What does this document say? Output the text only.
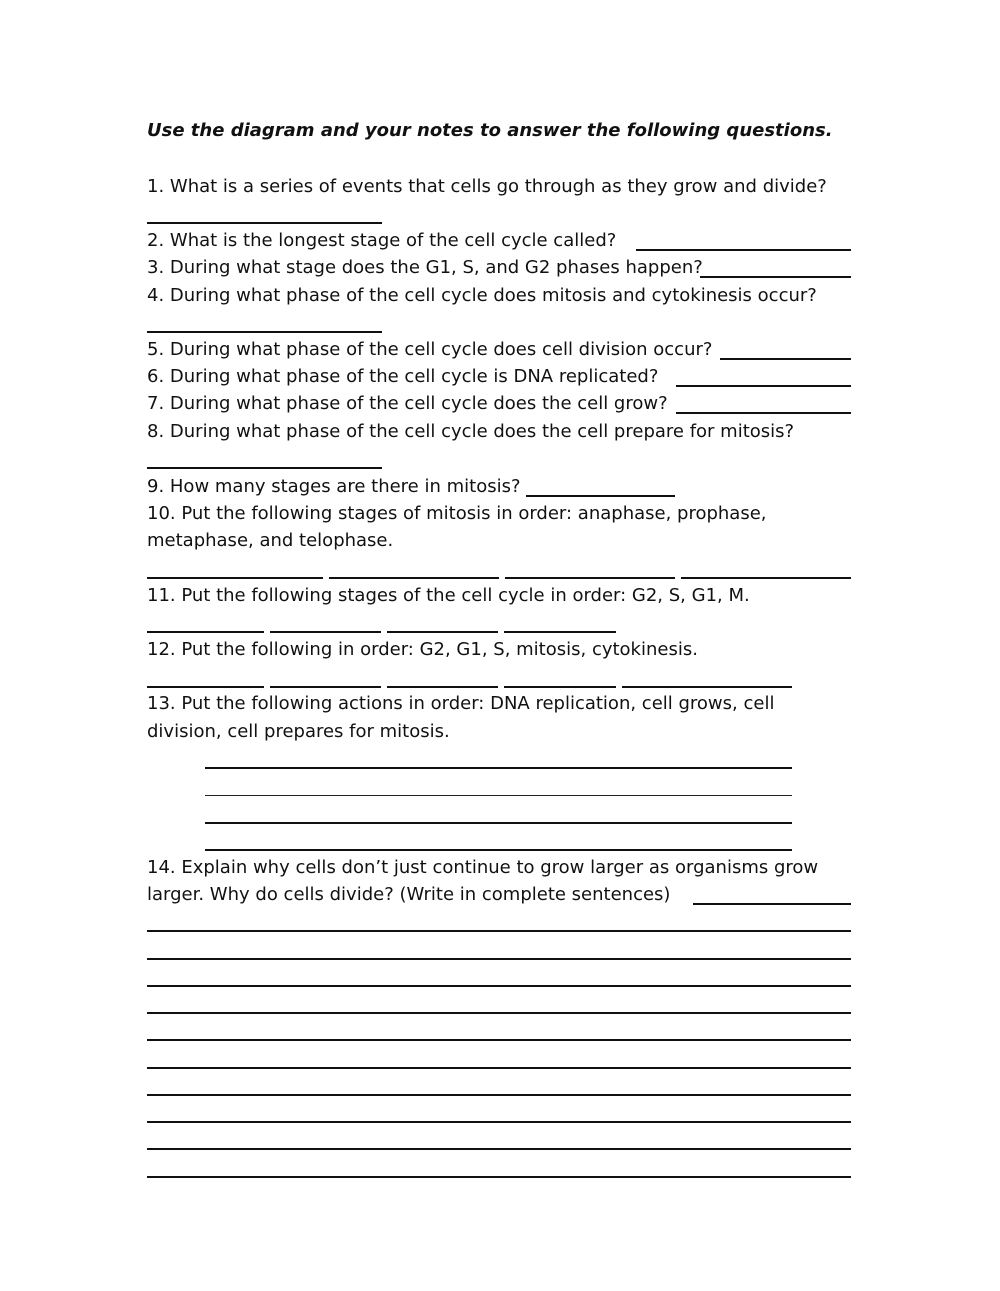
Use the diagram and your notes to answer the following questions.
1. What is a series of events that cells go through as they grow and divide?
2. What is the longest stage of the cell cycle called?
3. During what stage does the G1, S, and G2 phases happen?
4. During what phase of the cell cycle does mitosis and cytokinesis occur?
5. During what phase of the cell cycle does cell division occur?
6. During what phase of the cell cycle is DNA replicated?
7. During what phase of the cell cycle does the cell grow?
8. During what phase of the cell cycle does the cell prepare for mitosis?
9. How many stages are there in mitosis?
10. Put the following stages of mitosis in order: anaphase, prophase,
metaphase, and telophase.
11. Put the following stages of the cell cycle in order: G2, S, G1, M.
12. Put the following in order: G2, G1, S, mitosis, cytokinesis.
13. Put the following actions in order: DNA replication, cell grows, cell
division, cell prepares for mitosis.
14. Explain why cells don’t just continue to grow larger as organisms grow
larger. Why do cells divide? (Write in complete sentences)
